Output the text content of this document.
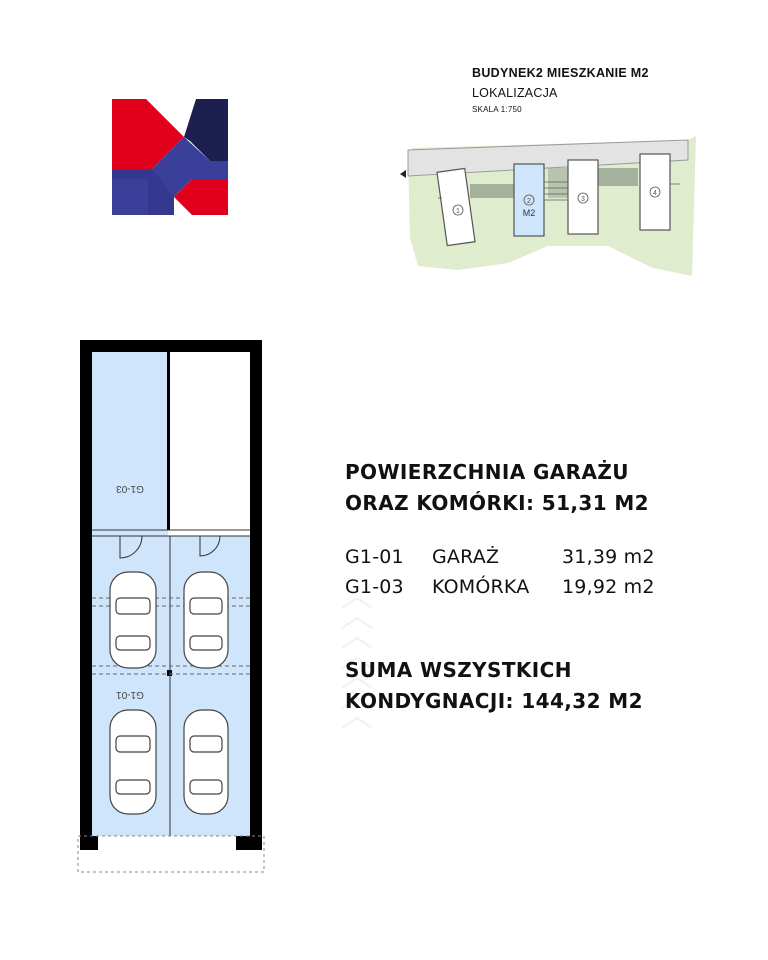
BUDYNEK2 MIESZKANIE M2
LOKALIZACJA
SKALA 1:750
1
2
M2
3
4
G1-03
G1-01
POWIERZCHNIA GARAŻU
ORAZ KOMÓRKI: 51,31 M2
G1-01 GARAŻ	31,39 m2
G1-03 KOMÓRKA 19,92 m2
SUMA WSZYSTKICH
KONDYGNACJI: 144,32 M2
